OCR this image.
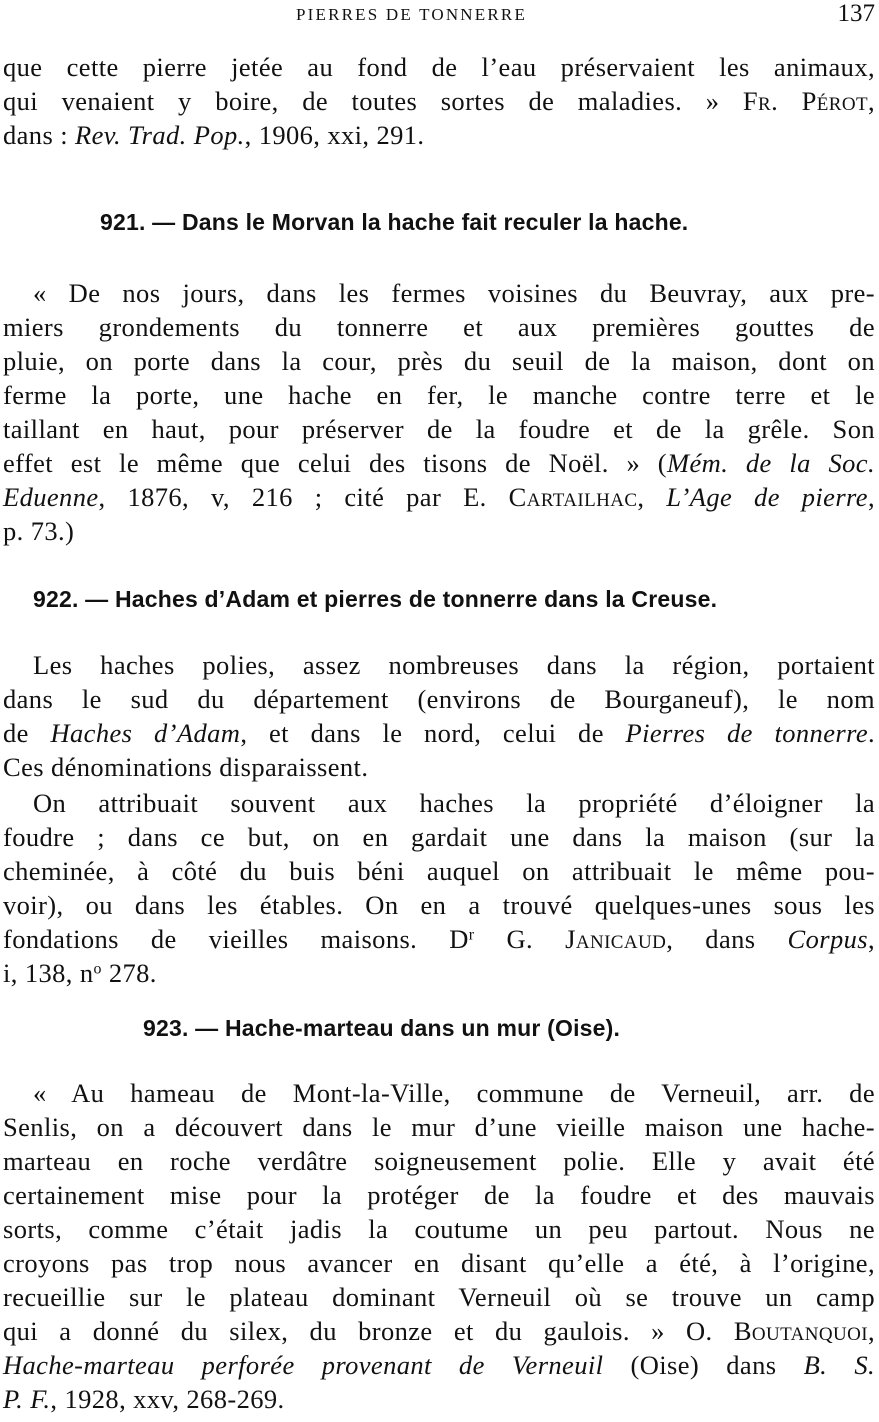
PIERRES DE TONNERRE	137
que cette pierre jetée au fond de l’eau préservaient les animaux,
qui venaient y boire, de toutes sortes de maladies. » Fr. Pérot,
dans : Rev. Trad. Pop., 1906, xxi, 291.
921. — Dans le Morvan la hache fait reculer la hache.
« De nos jours, dans les fermes voisines du Beuvray, aux pre-
miers grondements du tonnerre et aux premières gouttes de
pluie, on porte dans la cour, près du seuil de la maison, dont on
ferme la porte, une hache en fer, le manche contre terre et le
taillant en haut, pour préserver de la foudre et de la grêle. Son
effet est le même que celui des tisons de Noël. » (Mém. de la Soc.
Eduenne, 1876, v, 216 ; cité par E. Cartailhac, L’Age de pierre,
p. 73.)
922. — Haches d’Adam et pierres de tonnerre dans la Creuse.
Les haches polies, assez nombreuses dans la région, portaient
dans le sud du département (environs de Bourganeuf), le nom
de Haches d’Adam, et dans le nord, celui de Pierres de tonnerre.
Ces dénominations disparaissent.
On attribuait souvent aux haches la propriété d’éloigner la
foudre ; dans ce but, on en gardait une dans la maison (sur la
cheminée, à côté du buis béni auquel on attribuait le même pou-
voir), ou dans les étables. On en a trouvé quelques-unes sous les
fondations de vieilles maisons. $D^r$ G. Janicaud, dans Corpus,
i, 138, $n^o$ 278.
923. — Hache-marteau dans un mur (Oise).
« Au hameau de Mont-la-Ville, commune de Verneuil, arr. de
Senlis, on a découvert dans le mur d’une vieille maison une hache-
marteau en roche verdâtre soigneusement polie. Elle y avait été
certainement mise pour la protéger de la foudre et des mauvais
sorts, comme c’était jadis la coutume un peu partout. Nous ne
croyons pas trop nous avancer en disant qu’elle a été, à l’origine,
recueillie sur le plateau dominant Verneuil où se trouve un camp
qui a donné du silex, du bronze et du gaulois. » O. Boutanquoi,
Hache-marteau perforée provenant de Verneuil (Oise) dans B. S.
P. F., 1928, xxv, 268-269.
